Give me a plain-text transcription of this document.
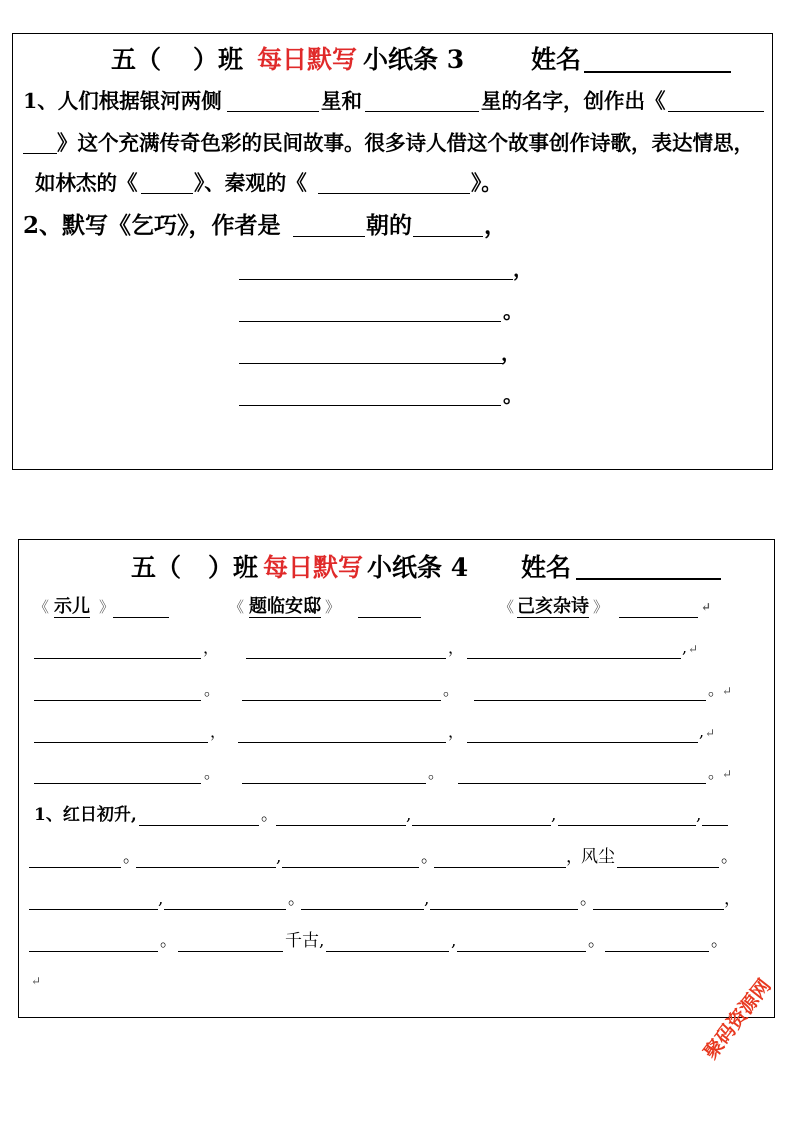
五（ ）班 每日默写 小纸条 3	姓名
1、人们根据银河两侧	星和	星的名字，创作出《
》这个充满传奇色彩的民间故事。很多诗人借这个故事创作诗歌，表达情思，
如林杰的《	》、秦观的《	》。
2、默写《乞巧》，作者是	朝的	，
，
。
，
。
五（ ）班 每日默写 小纸条 4 姓名
《 示儿 》	《 题临安邸 》	《 己亥杂诗 》	↵
，	，	, ↵
。	。	。
↵
，	，	, ↵
。	。	。
↵
1、红日初升,	。	,	,	,
。	,	。	，
风尘	。
,	。	,	。	，
。	千古,	,	。	。
↵	聚码资源网
